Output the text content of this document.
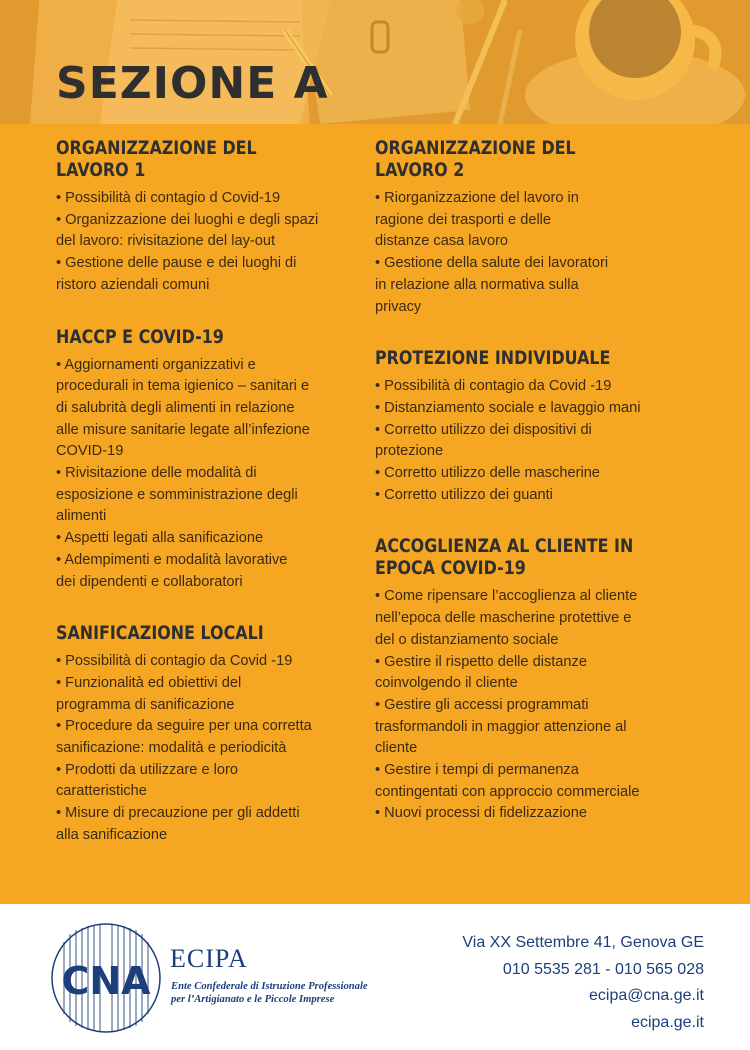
SEZIONE A
ORGANIZZAZIONE DEL
LAVORO 1
• Possibilità di contagio d Covid-19
• Organizzazione dei luoghi e degli spazi
del lavoro: rivisitazione del lay-out
• Gestione delle pause e dei luoghi di
ristoro aziendali comuni
HACCP E COVID-19
• Aggiornamenti organizzativi e
procedurali in tema igienico – sanitari e
di salubrità degli alimenti in relazione
alle misure sanitarie legate all’infezione
COVID-19
• Rivisitazione delle modalità di
esposizione e somministrazione degli
alimenti
• Aspetti legati alla sanificazione
• Adempimenti e modalità lavorative
dei dipendenti e collaboratori
SANIFICAZIONE LOCALI
• Possibilità di contagio da Covid -19
• Funzionalità ed obiettivi del
programma di sanificazione
• Procedure da seguire per una corretta
sanificazione: modalità e periodicità
• Prodotti da utilizzare e loro
caratteristiche
• Misure di precauzione per gli addetti
alla sanificazione
ORGANIZZAZIONE DEL
LAVORO 2
• Riorganizzazione del lavoro in
ragione dei trasporti e delle
distanze casa lavoro
• Gestione della salute dei lavoratori
in relazione alla normativa sulla
privacy
PROTEZIONE INDIVIDUALE
• Possibilità di contagio da Covid -19
• Distanziamento sociale e lavaggio mani
• Corretto utilizzo dei dispositivi di
protezione
• Corretto utilizzo delle mascherine
• Corretto utilizzo dei guanti
ACCOGLIENZA AL CLIENTE IN
EPOCA COVID-19
• Come ripensare l’accoglienza al cliente
nell’epoca delle mascherine protettive e
del o distanziamento sociale
• Gestire il rispetto delle distanze
coinvolgendo il cliente
• Gestire gli accessi programmati
trasformandoli in maggior attenzione al
cliente
• Gestire i tempi di permanenza
contingentati con approccio commerciale
• Nuovi processi di fidelizzazione
CNA
ECIPA
Ente Confederale di Istruzione Professionale per l’Artigianato e le Piccole Imprese
Via XX Settembre 41, Genova GE
010 5535 281 - 010 565 028
ecipa@cna.ge.it
ecipa.ge.it
